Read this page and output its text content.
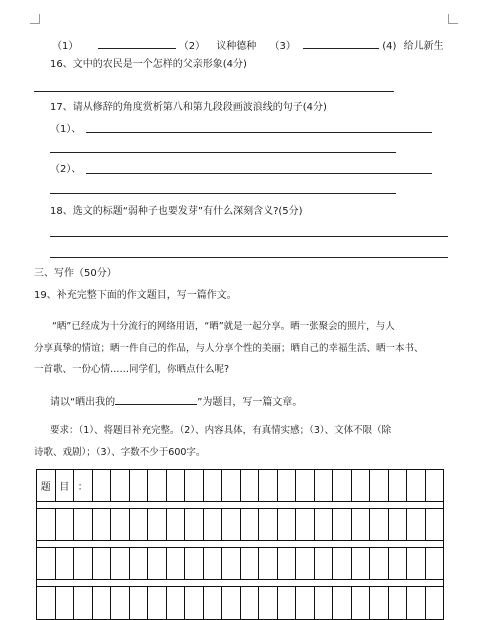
（1）	（2） 议种德种 （3）	(4) 给儿新生
16、文中的农民是一个怎样的父亲形象(4分)
17、请从修辞的角度赏析第八和第九段段画波浪线的句子(4分)
（1）、
（2）、
18、选文的标题“弱种子也要发芽”有什么深刻含义?(5分)
三、写作（50分）
19、补充完整下面的作文题目，写一篇作文。
“晒”已经成为十分流行的网络用语，“晒”就是一起分享。晒一张聚会的照片，与人
分享真挚的情谊；晒一件自己的作品，与人分享个性的美丽；晒自己的幸福生活、晒一本书、
一首歌、一份心情……同学们，你晒点什么呢?
请以“晒出我的	”为题目，写一篇文章。
要求：（1）、将题目补充完整。（2）、内容具体，有真情实感；（3）、文体不限（除
诗歌、戏剧）；（3）、字数不少于600字。
题 目 ：
